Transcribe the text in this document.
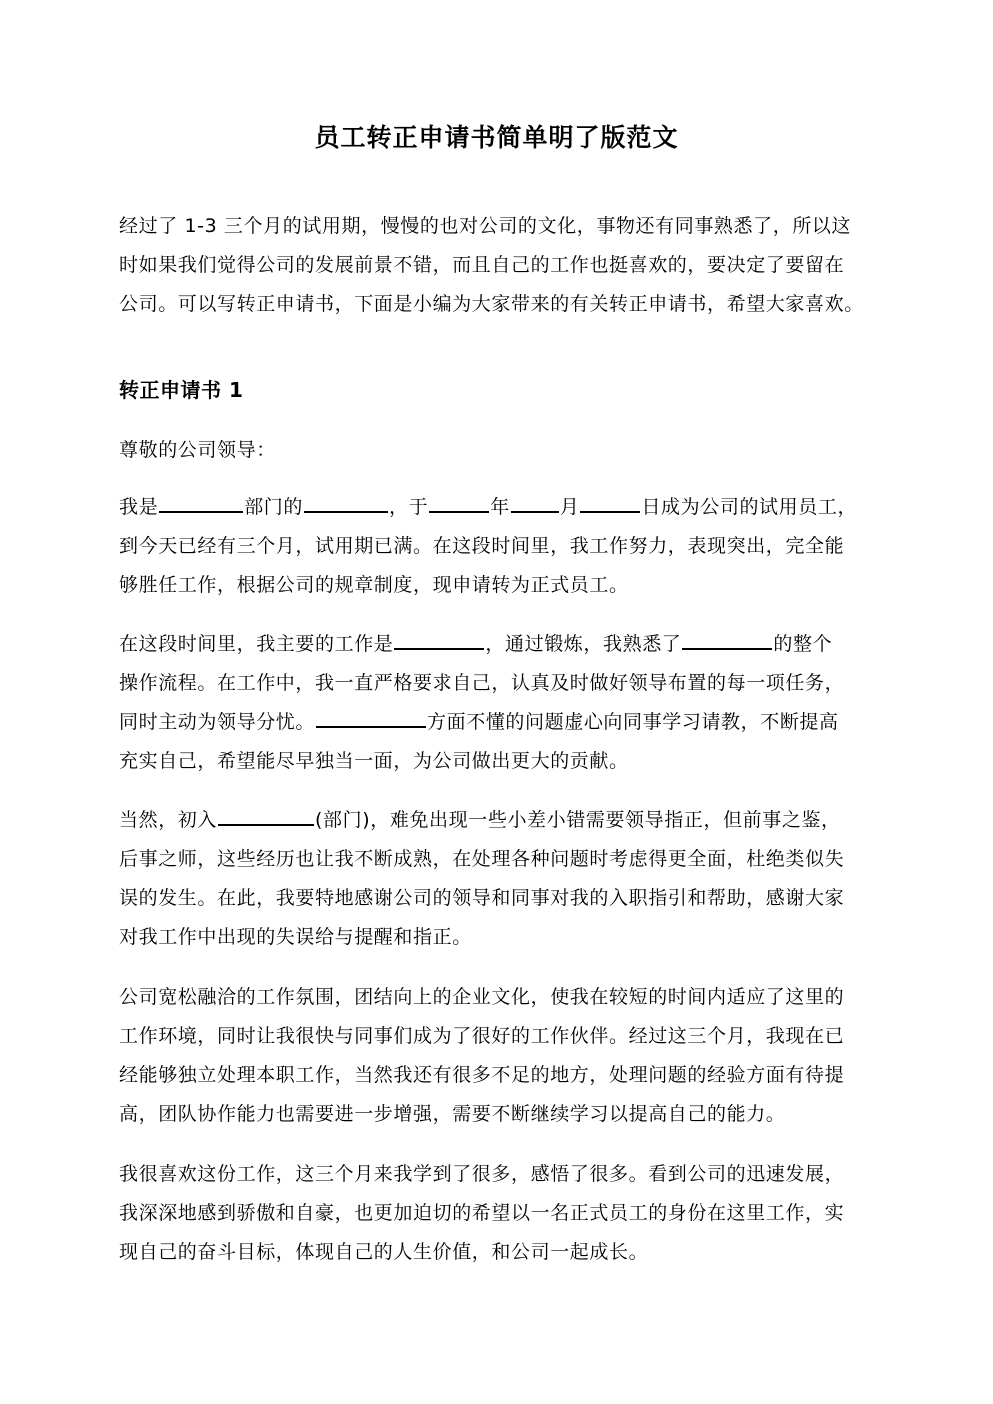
员工转正申请书简单明了版范文
经过了 1-3 三个月的试用期，慢慢的也对公司的文化，事物还有同事熟悉了，所以这
时如果我们觉得公司的发展前景不错，而且自己的工作也挺喜欢的，要决定了要留在
公司。可以写转正申请书，下面是小编为大家带来的有关转正申请书，希望大家喜欢。
转正申请书 1
尊敬的公司领导：
我是	部门的	，于	年	月	日成为公司的试用员工，
到今天已经有三个月，试用期已满。在这段时间里，我工作努力，表现突出，完全能
够胜任工作，根据公司的规章制度，现申请转为正式员工。
在这段时间里，我主要的工作是	，通过锻炼，我熟悉了	的整个
操作流程。在工作中，我一直严格要求自己，认真及时做好领导布置的每一项任务，
同时主动为领导分忧。	方面不懂的问题虚心向同事学习请教，不断提高
充实自己，希望能尽早独当一面，为公司做出更大的贡献。
当然，初入	(部门)，难免出现一些小差小错需要领导指正，但前事之鉴，
后事之师，这些经历也让我不断成熟，在处理各种问题时考虑得更全面，杜绝类似失
误的发生。在此，我要特地感谢公司的领导和同事对我的入职指引和帮助，感谢大家
对我工作中出现的失误给与提醒和指正。
公司宽松融洽的工作氛围，团结向上的企业文化，使我在较短的时间内适应了这里的
工作环境，同时让我很快与同事们成为了很好的工作伙伴。经过这三个月，我现在已
经能够独立处理本职工作，当然我还有很多不足的地方，处理问题的经验方面有待提
高，团队协作能力也需要进一步增强，需要不断继续学习以提高自己的能力。
我很喜欢这份工作，这三个月来我学到了很多，感悟了很多。看到公司的迅速发展，
我深深地感到骄傲和自豪，也更加迫切的希望以一名正式员工的身份在这里工作，实
现自己的奋斗目标，体现自己的人生价值，和公司一起成长。
